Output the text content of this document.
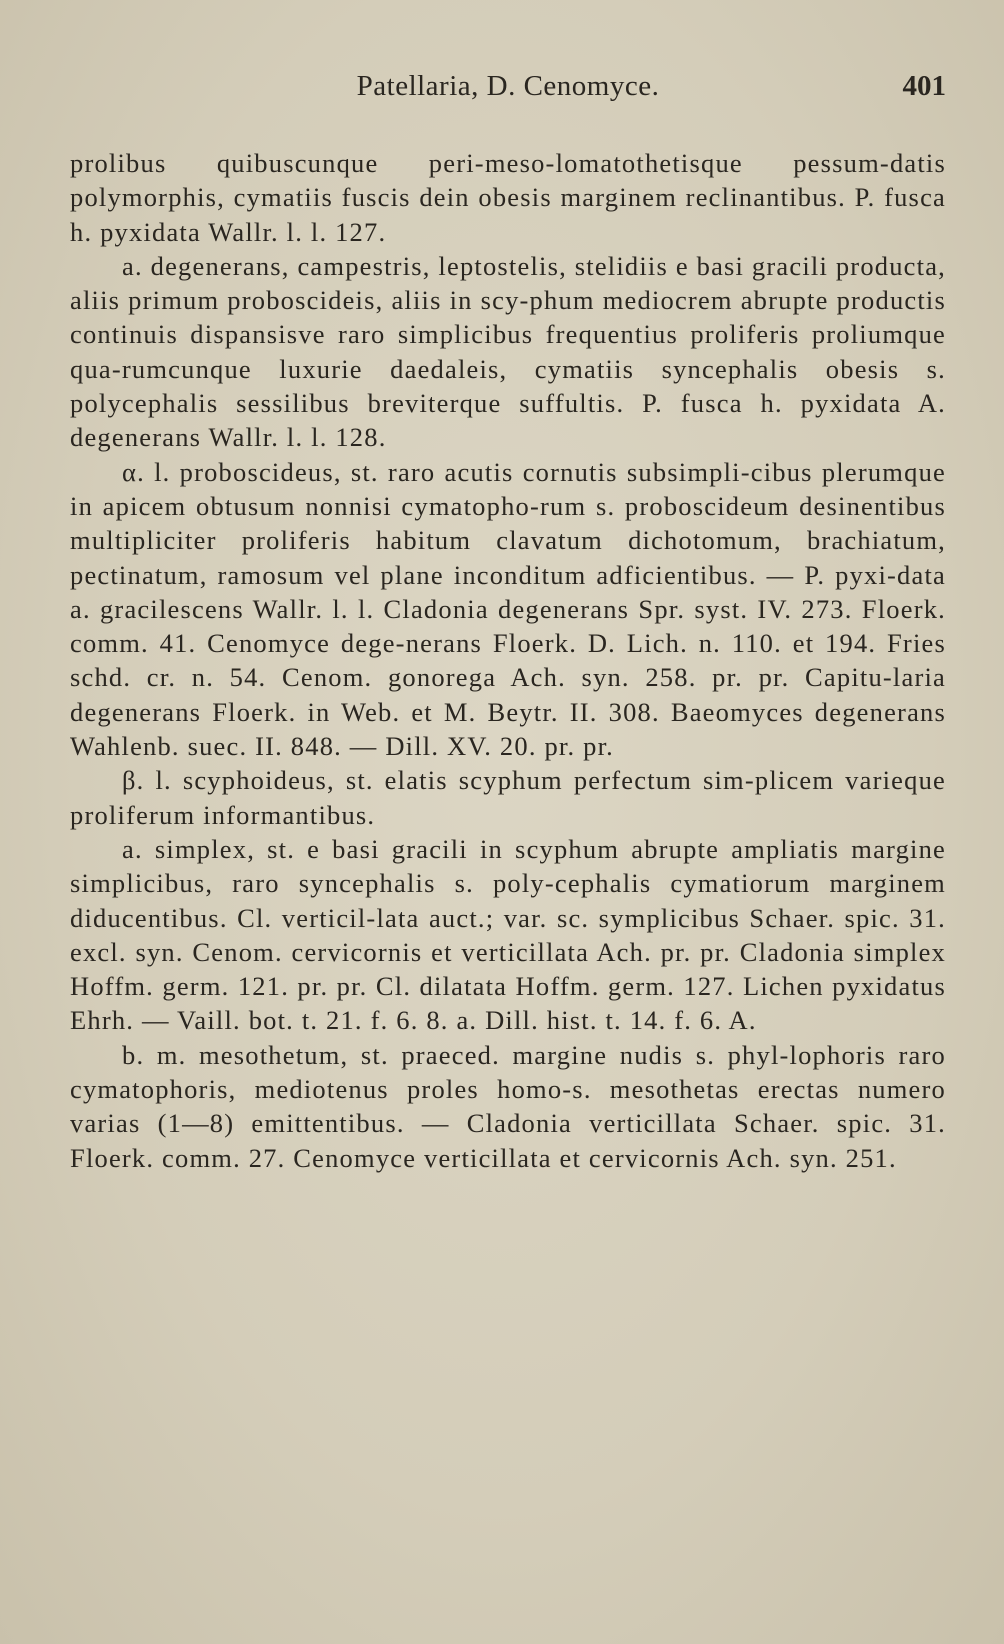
Patellaria, D. Cenomyce.	401

prolibus quibuscunque peri-meso-lomatothetisque pessum-datis polymorphis, cymatiis fuscis dein obesis marginem reclinantibus. P. fusca h. pyxidata Wallr. l. l. 127.

a. degenerans, campestris, leptostelis, stelidiis e basi gracili producta, aliis primum proboscideis, aliis in scy-phum mediocrem abrupte productis continuis dispansisve raro simplicibus frequentius proliferis proliumque qua-rumcunque luxurie daedaleis, cymatiis syncephalis obesis s. polycephalis sessilibus breviterque suffultis. P. fusca h. pyxidata A. degenerans Wallr. l. l. 128.

α. l. proboscideus, st. raro acutis cornutis subsimpli-cibus plerumque in apicem obtusum nonnisi cymatopho-rum s. proboscideum desinentibus multipliciter proliferis habitum clavatum dichotomum, brachiatum, pectinatum, ramosum vel plane inconditum adficientibus. — P. pyxi-data a. gracilescens Wallr. l. l. Cladonia degenerans Spr. syst. IV. 273. Floerk. comm. 41. Cenomyce dege-nerans Floerk. D. Lich. n. 110. et 194. Fries schd. cr. n. 54. Cenom. gonorega Ach. syn. 258. pr. pr. Capitu-laria degenerans Floerk. in Web. et M. Beytr. II. 308. Baeomyces degenerans Wahlenb. suec. II. 848. — Dill. XV. 20. pr. pr.

β. l. scyphoideus, st. elatis scyphum perfectum sim-plicem varieque proliferum informantibus.

a. simplex, st. e basi gracili in scyphum abrupte ampliatis margine simplicibus, raro syncephalis s. poly-cephalis cymatiorum marginem diducentibus. Cl. verticil-lata auct.; var. sc. symplicibus Schaer. spic. 31. excl. syn. Cenom. cervicornis et verticillata Ach. pr. pr. Cladonia simplex Hoffm. germ. 121. pr. pr. Cl. dilatata Hoffm. germ. 127. Lichen pyxidatus Ehrh. — Vaill. bot. t. 21. f. 6. 8. a. Dill. hist. t. 14. f. 6. A.

b. m. mesothetum, st. praeced. margine nudis s. phyl-lophoris raro cymatophoris, mediotenus proles homo-s. mesothetas erectas numero varias (1—8) emittentibus. — Cladonia verticillata Schaer. spic. 31. Floerk. comm. 27. Cenomyce verticillata et cervicornis Ach. syn. 251.
